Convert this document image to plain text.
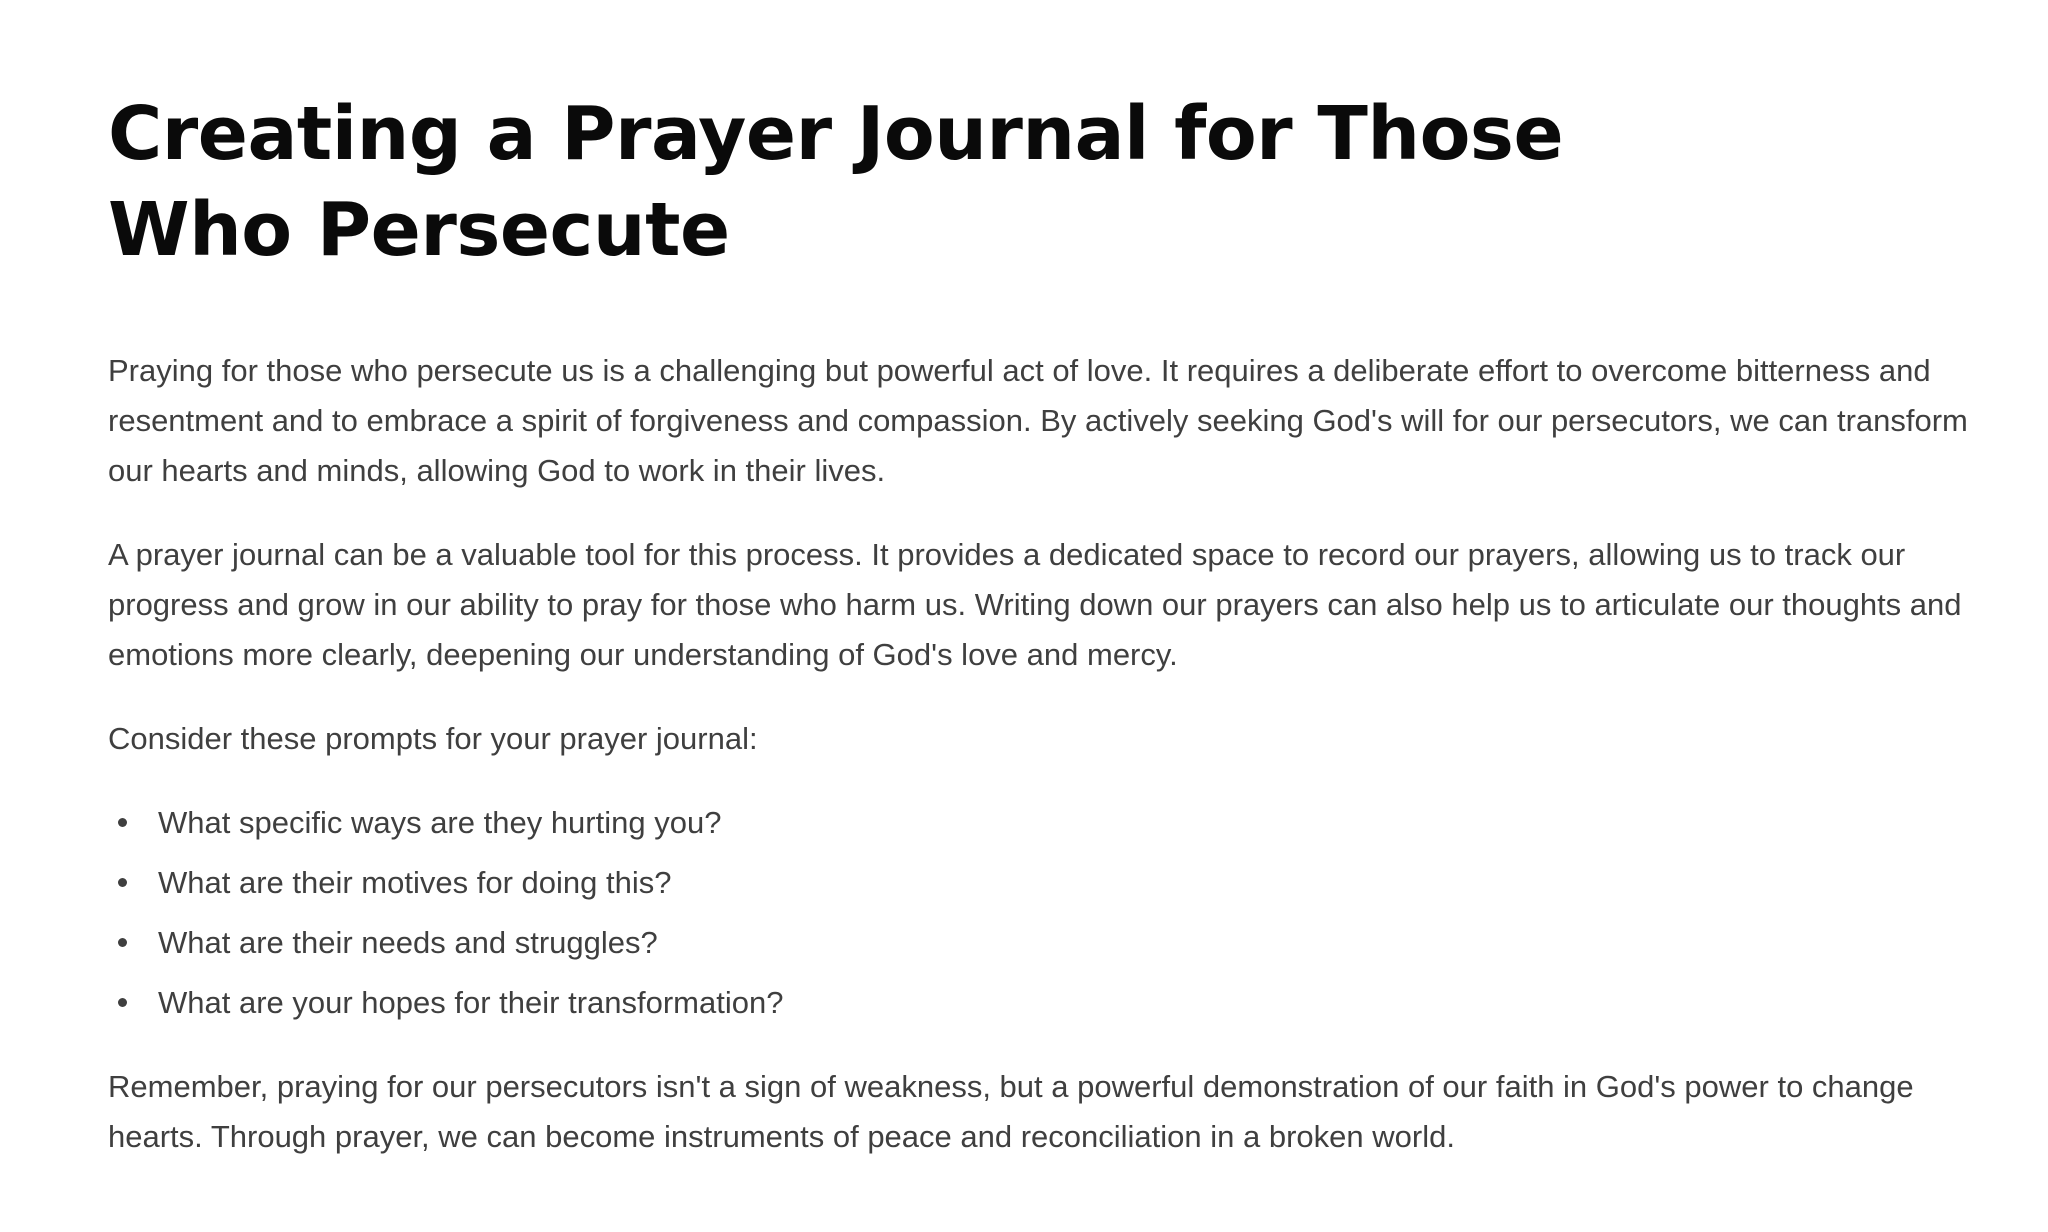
Creating a Prayer Journal for Those Who Persecute

Praying for those who persecute us is a challenging but powerful act of love. It requires a deliberate effort to overcome bitterness and resentment and to embrace a spirit of forgiveness and compassion. By actively seeking God's will for our persecutors, we can transform our hearts and minds, allowing God to work in their lives.

A prayer journal can be a valuable tool for this process. It provides a dedicated space to record our prayers, allowing us to track our progress and grow in our ability to pray for those who harm us. Writing down our prayers can also help us to articulate our thoughts and emotions more clearly, deepening our understanding of God's love and mercy.

Consider these prompts for your prayer journal:

What specific ways are they hurting you?
What are their motives for doing this?
What are their needs and struggles?
What are your hopes for their transformation?

Remember, praying for our persecutors isn't a sign of weakness, but a powerful demonstration of our faith in God's power to change hearts. Through prayer, we can become instruments of peace and reconciliation in a broken world.
